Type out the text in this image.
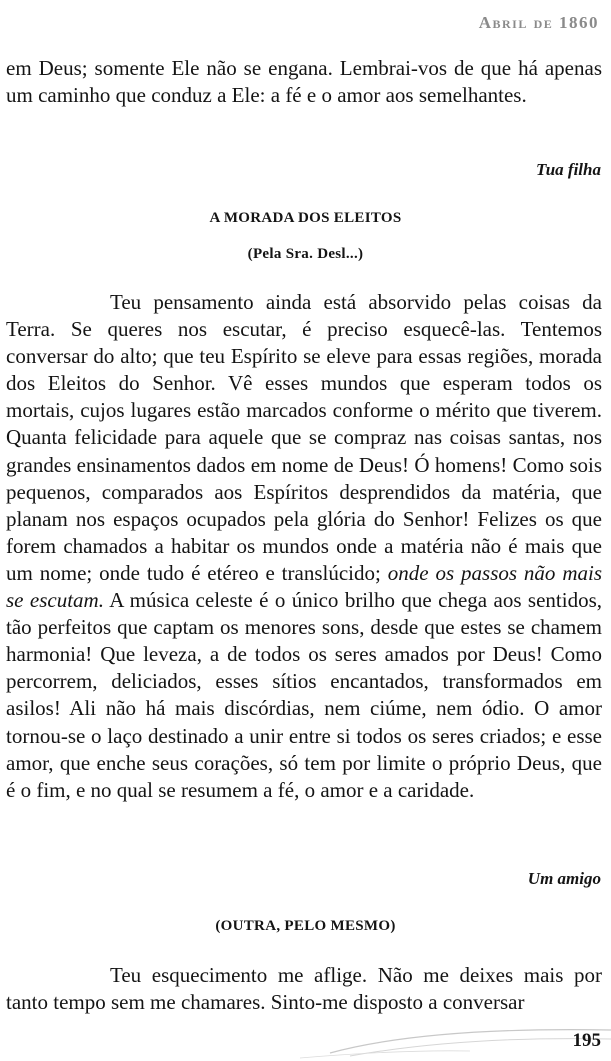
Abril de 1860

em Deus; somente Ele não se engana. Lembrai-vos de que há apenas um caminho que conduz a Ele: a fé e o amor aos semelhantes.

Tua filha

A MORADA DOS ELEITOS

(Pela Sra. Desl...)

Teu pensamento ainda está absorvido pelas coisas da Terra. Se queres nos escutar, é preciso esquecê-las. Tentemos conversar do alto; que teu Espírito se eleve para essas regiões, morada dos Eleitos do Senhor. Vê esses mundos que esperam todos os mortais, cujos lugares estão marcados conforme o mérito que tiverem. Quanta felicidade para aquele que se compraz nas coisas santas, nos grandes ensinamentos dados em nome de Deus! Ó homens! Como sois pequenos, comparados aos Espíritos desprendidos da matéria, que planam nos espaços ocupados pela glória do Senhor! Felizes os que forem chamados a habitar os mundos onde a matéria não é mais que um nome; onde tudo é etéreo e translúcido; onde os passos não mais se escutam. A música celeste é o único brilho que chega aos sentidos, tão perfeitos que captam os menores sons, desde que estes se chamem harmonia! Que leveza, a de todos os seres amados por Deus! Como percorrem, deliciados, esses sítios encantados, transformados em asilos! Ali não há mais discórdias, nem ciúme, nem ódio. O amor tornou-se o laço destinado a unir entre si todos os seres criados; e esse amor, que enche seus corações, só tem por limite o próprio Deus, que é o fim, e no qual se resumem a fé, o amor e a caridade.

Um amigo

(OUTRA, PELO MESMO)

Teu esquecimento me aflige. Não me deixes mais por tanto tempo sem me chamares. Sinto-me disposto a conversar

195
